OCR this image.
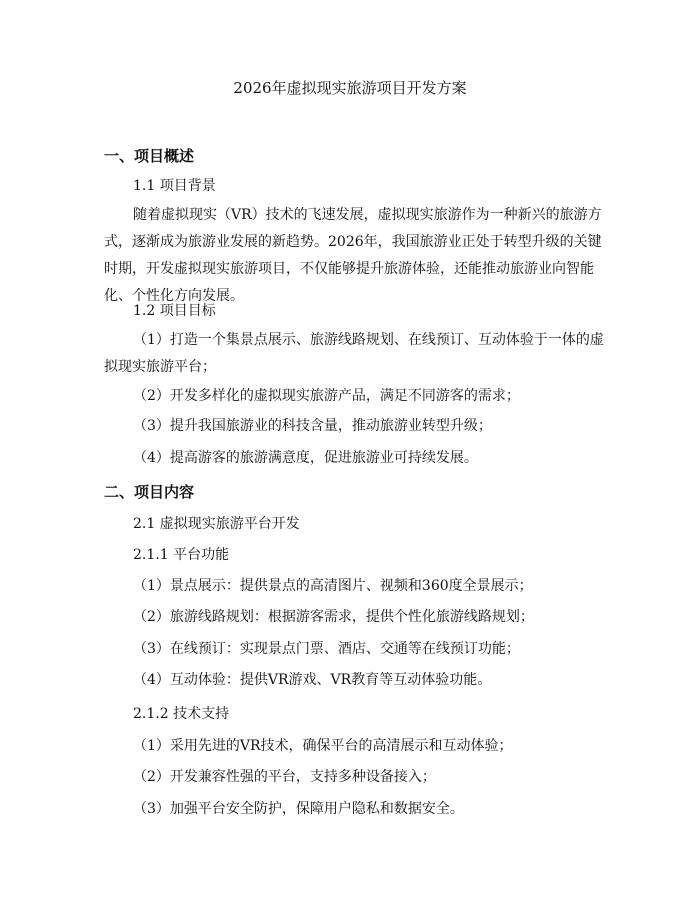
2026年虚拟现实旅游项目开发方案
一、项目概述

1.1 项目背景

随着虚拟现实（VR）技术的飞速发展，虚拟现实旅游作为一种新兴的旅游方
式，逐渐成为旅游业发展的新趋势。2026年，我国旅游业正处于转型升级的关键
时期，开发虚拟现实旅游项目，不仅能够提升旅游体验，还能推动旅游业向智能
化、个性化方向发展。

1.2 项目目标

（1）打造一个集景点展示、旅游线路规划、在线预订、互动体验于一体的虚
拟现实旅游平台；

（2）开发多样化的虚拟现实旅游产品，满足不同游客的需求；

（3）提升我国旅游业的科技含量，推动旅游业转型升级；

（4）提高游客的旅游满意度，促进旅游业可持续发展。

二、项目内容

2.1 虚拟现实旅游平台开发

2.1.1 平台功能

（1）景点展示：提供景点的高清图片、视频和360度全景展示；

（2）旅游线路规划：根据游客需求，提供个性化旅游线路规划；

（3）在线预订：实现景点门票、酒店、交通等在线预订功能；

（4）互动体验：提供VR游戏、VR教育等互动体验功能。

2.1.2 技术支持

（1）采用先进的VR技术，确保平台的高清展示和互动体验；

（2）开发兼容性强的平台，支持多种设备接入；

（3）加强平台安全防护，保障用户隐私和数据安全。
